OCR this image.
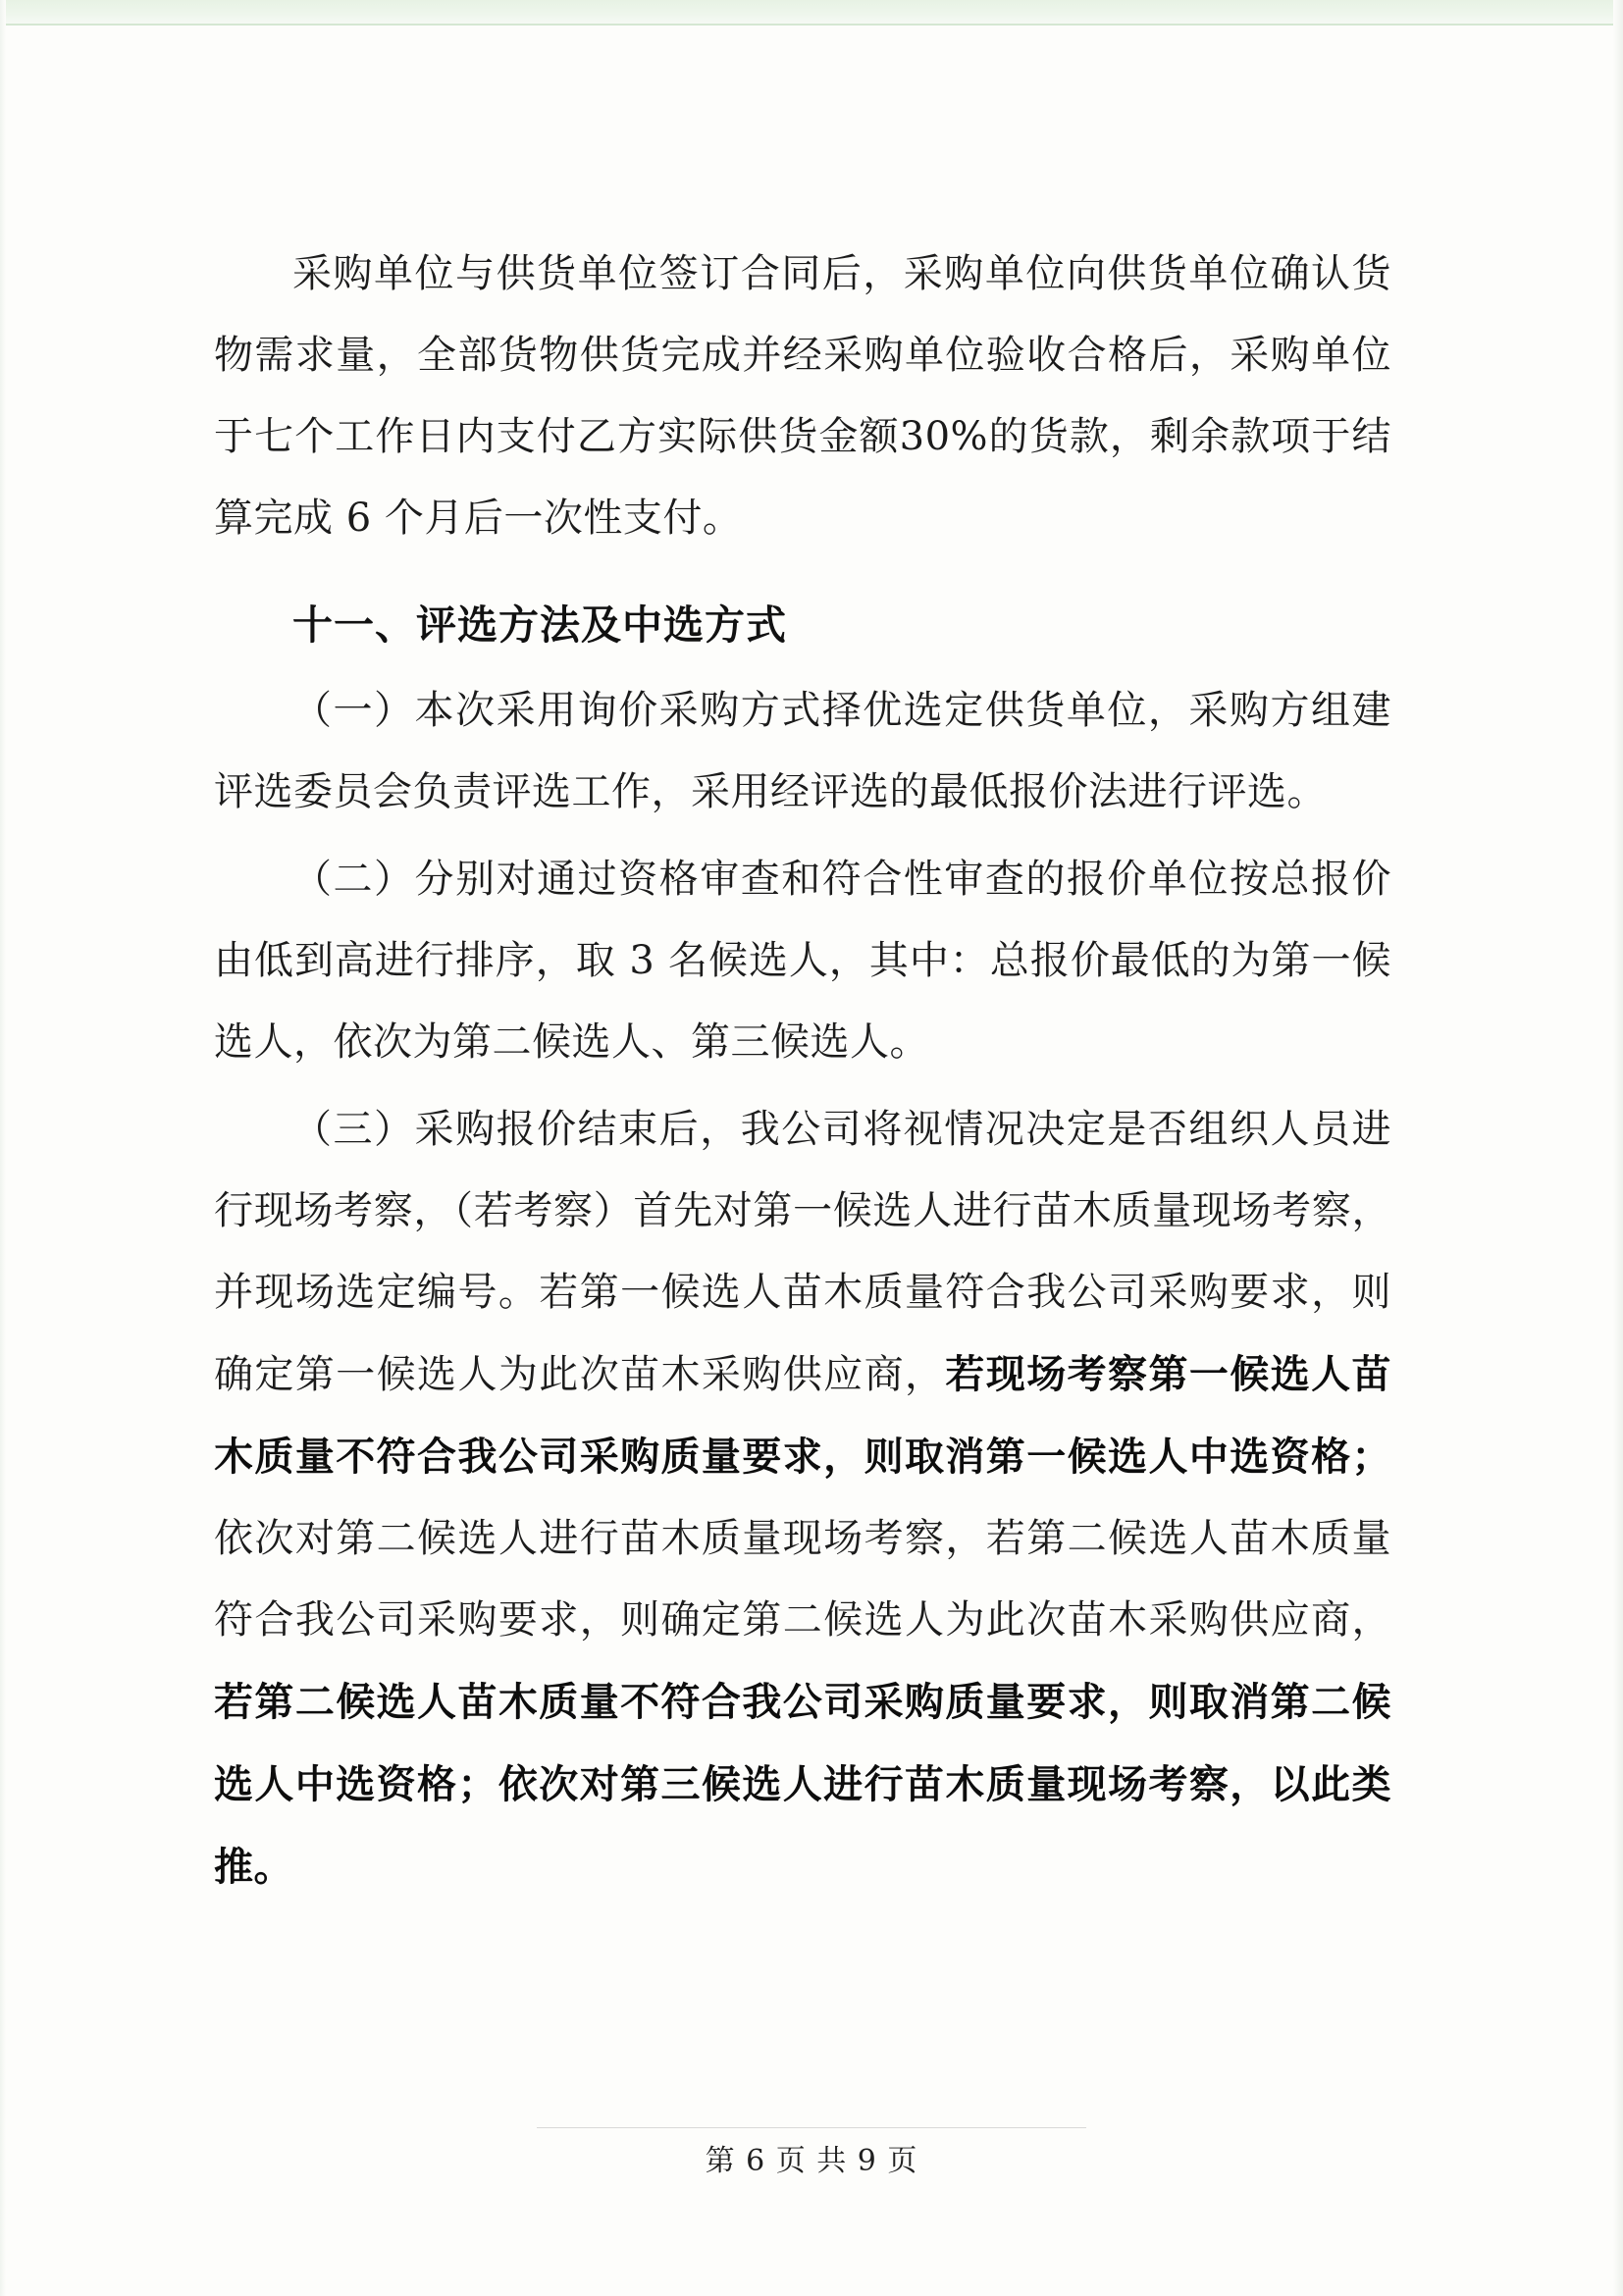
采购单位与供货单位签订合同后，采购单位向供货单位确认货物需求量，全部货物供货完成并经采购单位验收合格后，采购单位于七个工作日内支付乙方实际供货金额30%的货款，剩余款项于结算完成 6 个月后一次性支付。

十一、评选方法及中选方式

（一）本次采用询价采购方式择优选定供货单位，采购方组建评选委员会负责评选工作，采用经评选的最低报价法进行评选。

（二）分别对通过资格审查和符合性审查的报价单位按总报价由低到高进行排序，取 3 名候选人，其中：总报价最低的为第一候选人，依次为第二候选人、第三候选人。

（三）采购报价结束后，我公司将视情况决定是否组织人员进行现场考察，（若考察）首先对第一候选人进行苗木质量现场考察，并现场选定编号。若第一候选人苗木质量符合我公司采购要求，则确定第一候选人为此次苗木采购供应商，若现场考察第一候选人苗木质量不符合我公司采购质量要求，则取消第一候选人中选资格；依次对第二候选人进行苗木质量现场考察，若第二候选人苗木质量符合我公司采购要求，则确定第二候选人为此次苗木采购供应商，若第二候选人苗木质量不符合我公司采购质量要求，则取消第二候选人中选资格；依次对第三候选人进行苗木质量现场考察，以此类推。

第 6 页 共 9 页
